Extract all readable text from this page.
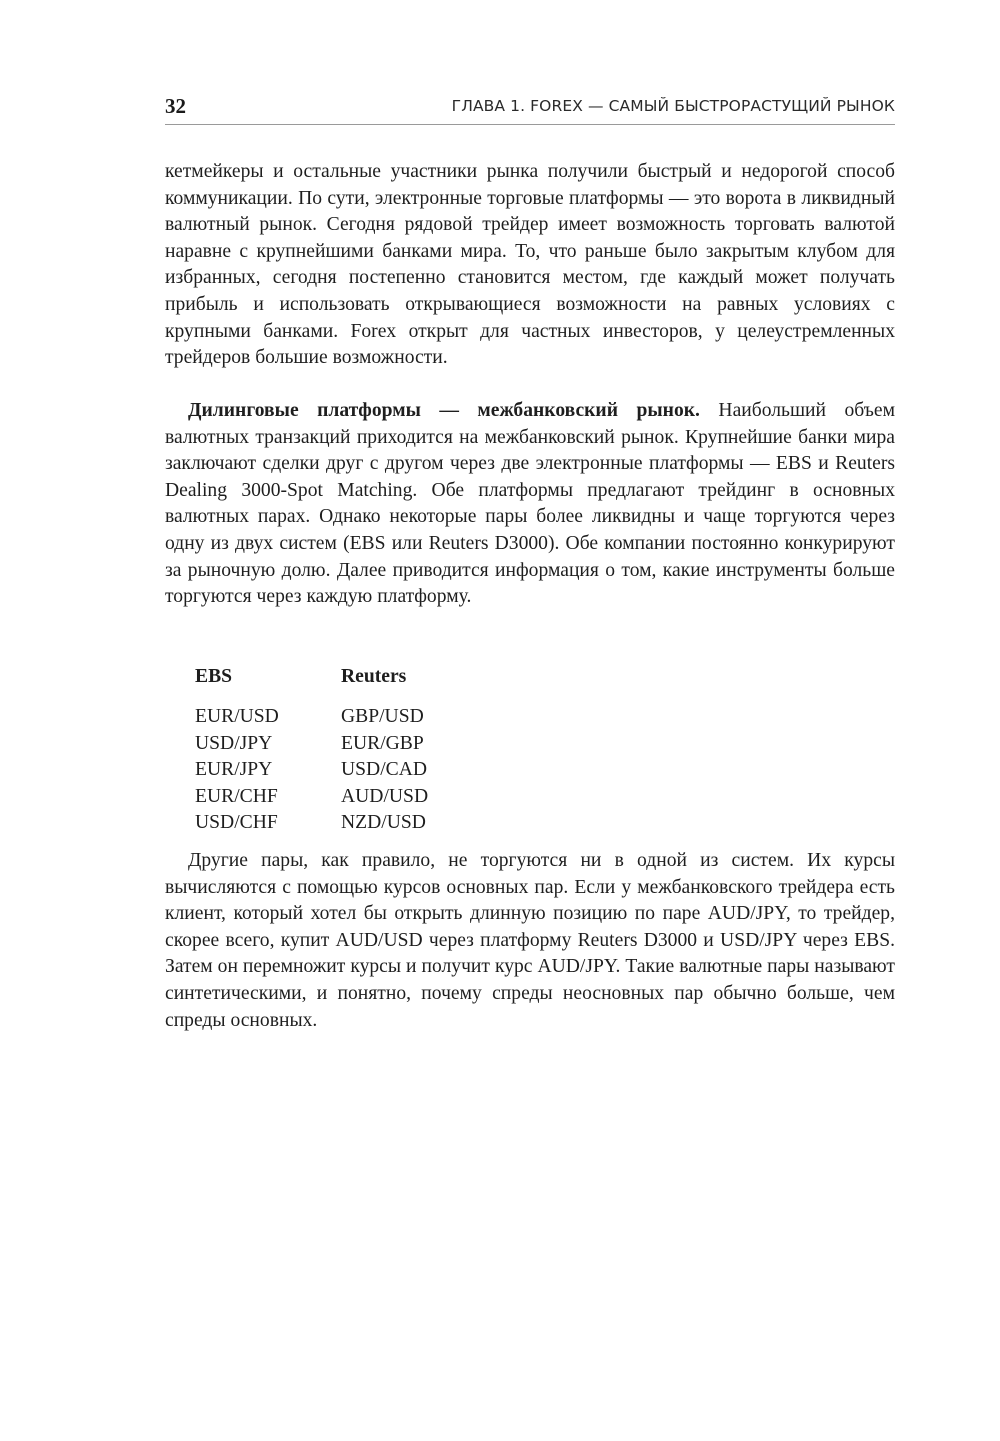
32	ГЛАВА 1. FOREX — САМЫЙ БЫСТРОРАСТУЩИЙ РЫНОК

кетмейкеры и остальные участники рынка получили быстрый и недорогой способ коммуникации. По сути, электронные торговые платформы — это ворота в ликвидный валютный рынок. Сегодня рядовой трейдер имеет возможность торговать валютой наравне с крупнейшими банками мира. То, что раньше было закрытым клубом для избранных, сегодня постепенно становится местом, где каждый может получать прибыль и использовать открывающиеся возможности на равных условиях с крупными банками. Forex открыт для частных инвесторов, у целеустремленных трейдеров большие возможности.

Дилинговые платформы — межбанковский рынок. Наибольший объем валютных транзакций приходится на межбанковский рынок. Крупнейшие банки мира заключают сделки друг с другом через две электронные платформы — EBS и Reuters Dealing 3000-Spot Matching. Обе платформы предлагают трейдинг в основных валютных парах. Однако некоторые пары более ликвидны и чаще торгуются через одну из двух систем (EBS или Reuters D3000). Обе компании постоянно конкурируют за рыночную долю. Далее приводится информация о том, какие инструменты больше торгуются через каждую платформу.

EBS	Reuters
EUR/USD	GBP/USD
USD/JPY	EUR/GBP
EUR/JPY	USD/CAD
EUR/CHF	AUD/USD
USD/CHF	NZD/USD

Другие пары, как правило, не торгуются ни в одной из систем. Их курсы вычисляются с помощью курсов основных пар. Если у межбанковского трейдера есть клиент, который хотел бы открыть длинную позицию по паре AUD/JPY, то трейдер, скорее всего, купит AUD/USD через платформу Reuters D3000 и USD/JPY через EBS. Затем он перемножит курсы и получит курс AUD/JPY. Такие валютные пары называют синтетическими, и понятно, почему спреды неосновных пар обычно больше, чем спреды основных.
